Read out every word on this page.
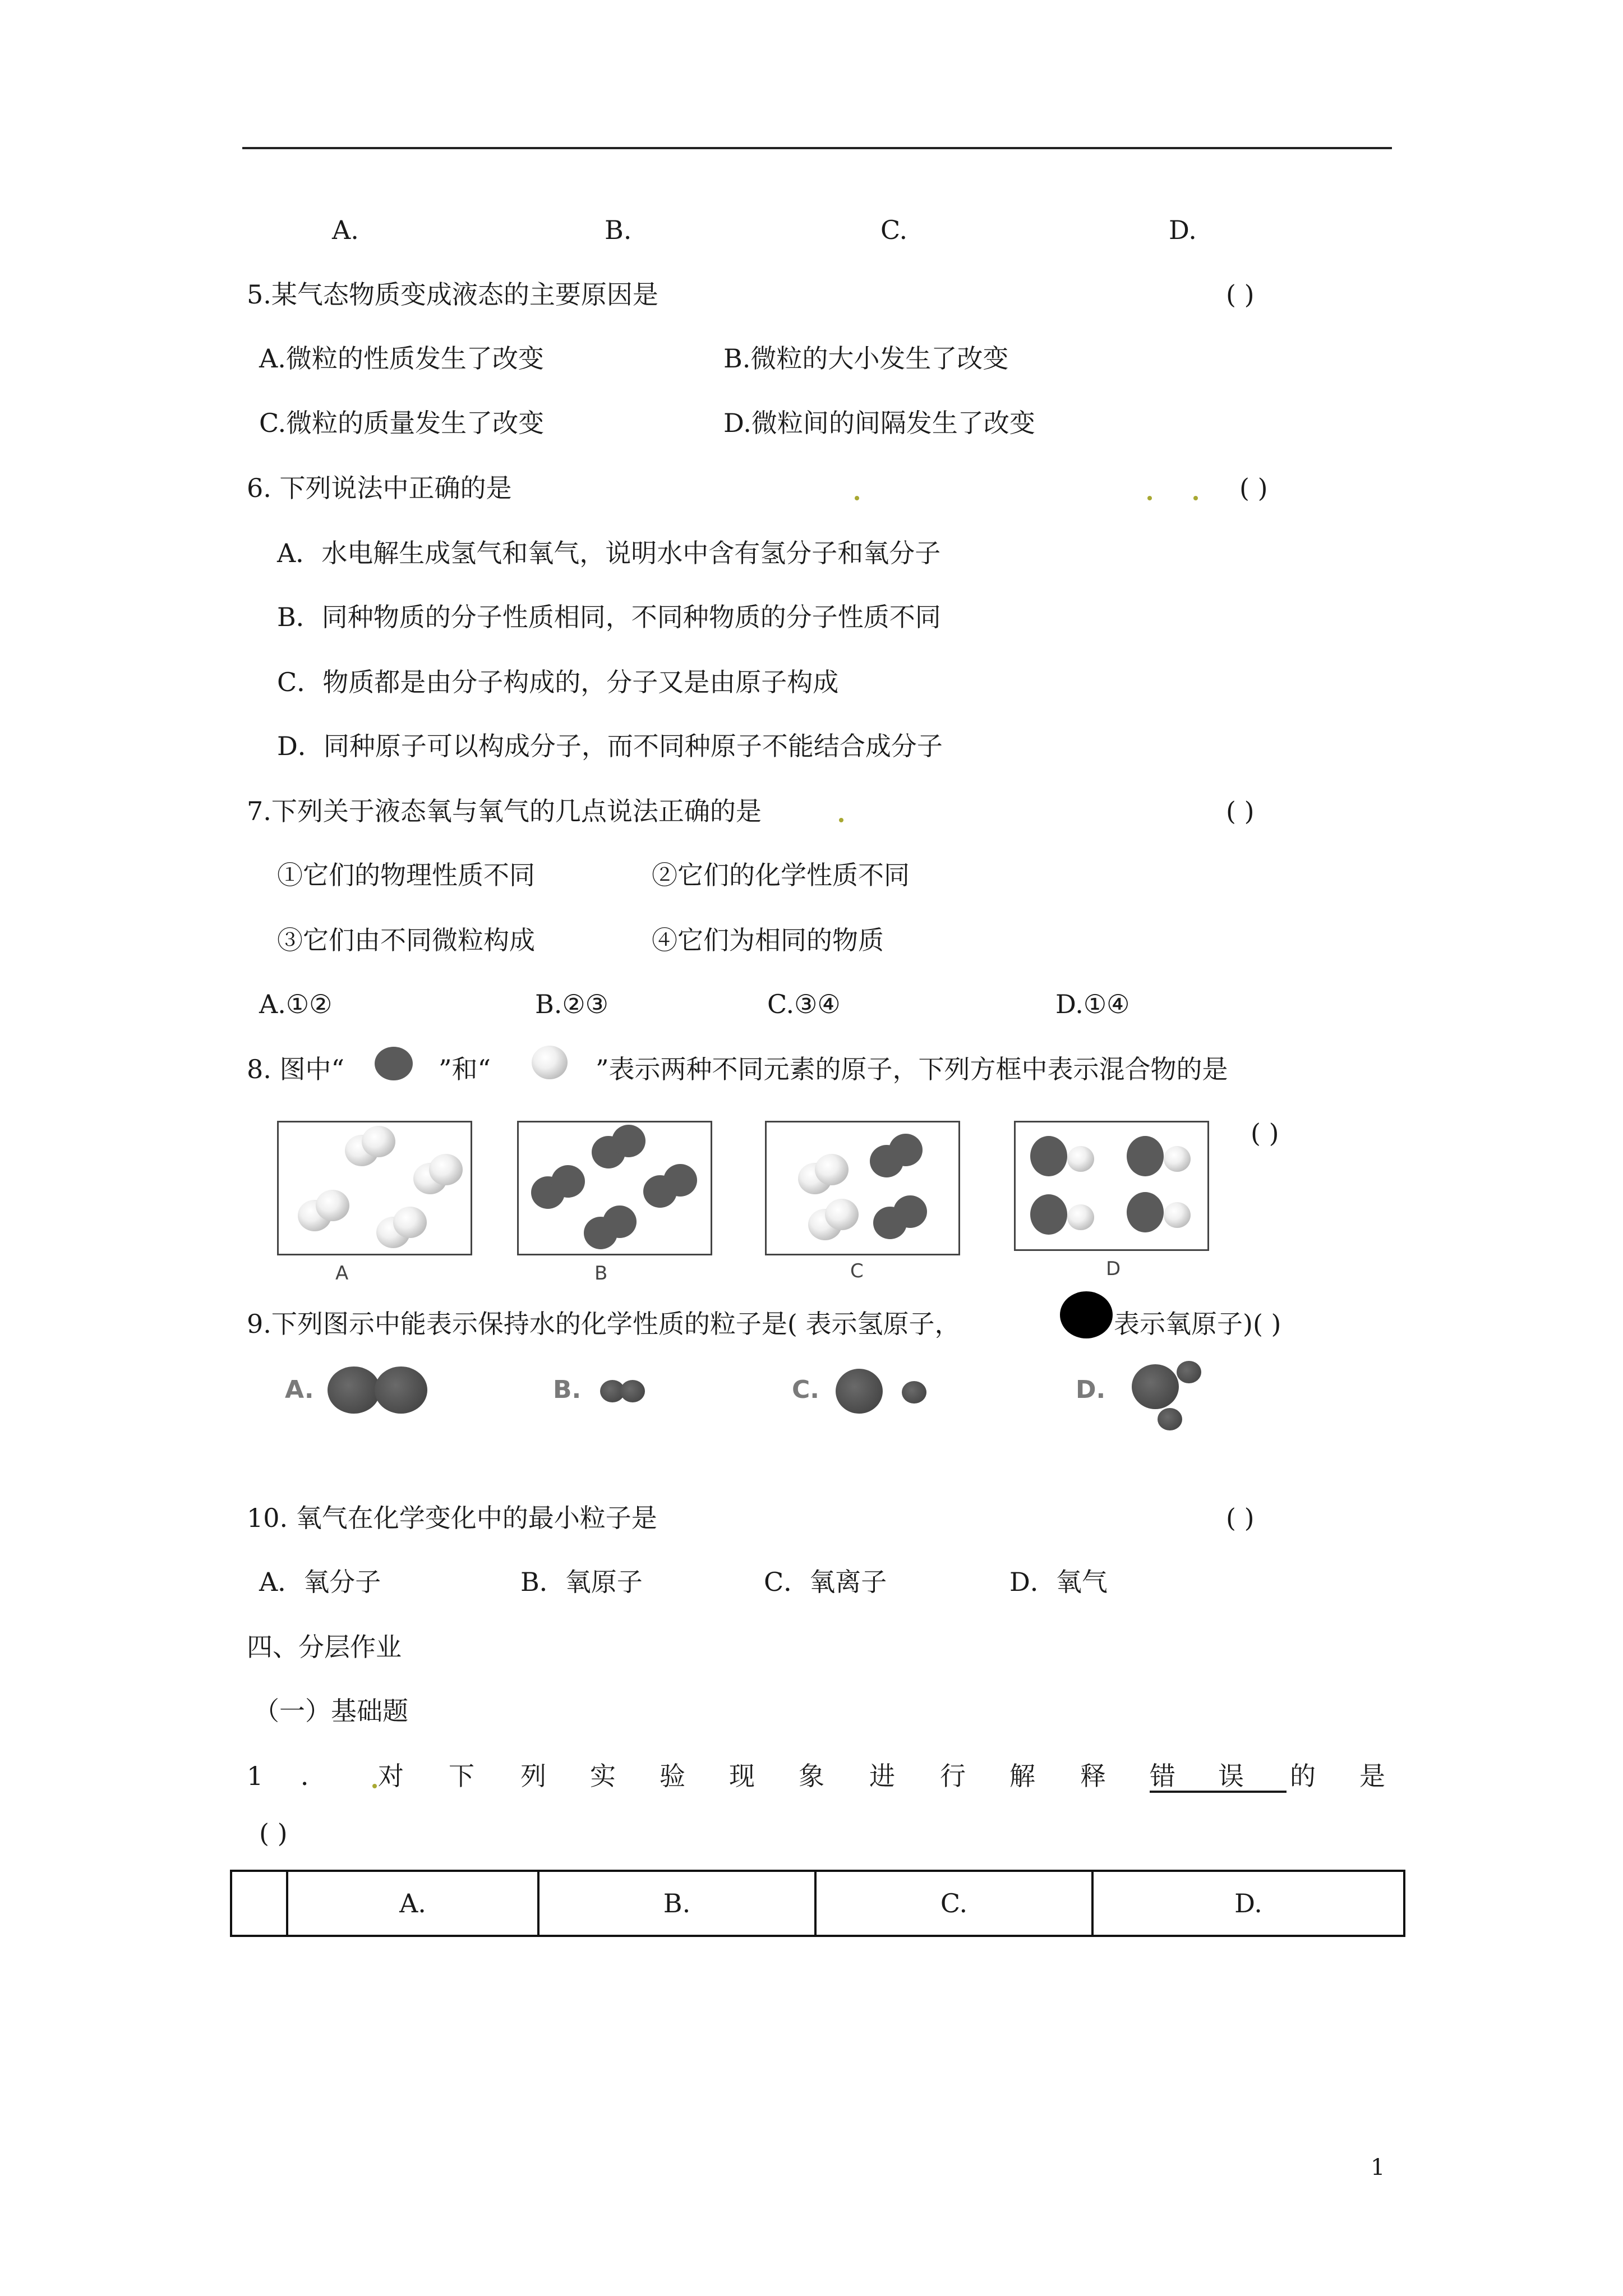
A.	B.	C.	D.
5.某气态物质变成液态的主要原因是	( )
A.微粒的性质发生了改变	B.微粒的大小发生了改变
C.微粒的质量发生了改变	D.微粒间的间隔发生了改变
6. 下列说法中正确的是	( )
A．水电解生成氢气和氧气，说明水中含有氢分子和氧分子
B．同种物质的分子性质相同，不同种物质的分子性质不同
C．物质都是由分子构成的，分子又是由原子构成
D．同种原子可以构成分子，而不同种原子不能结合成分子
7.下列关于液态氧与氧气的几点说法正确的是	( )
①它们的物理性质不同	②它们的化学性质不同
③它们由不同微粒构成	④它们为相同的物质
A.①②	B.②③	C.③④	D.①④
8. 图中“	”和“	”表示两种不同元素的原子，下列方框中表示混合物的是
( )
A	B	C	D
9.下列图示中能表示保持水的化学性质的粒子是( 表示氢原子，	表示氧原子)( )
A.	B.	C.	D.
10. 氧气在化学变化中的最小粒子是	( )
A．氧分子	B．氧原子	C．氧离子	D．氧气
四、分层作业
（一）基础题
1 ． 对 下 列 实 验 现 象 进 行 解 释 错误 的 是
( )
	A.	B.	C.	D.
1
